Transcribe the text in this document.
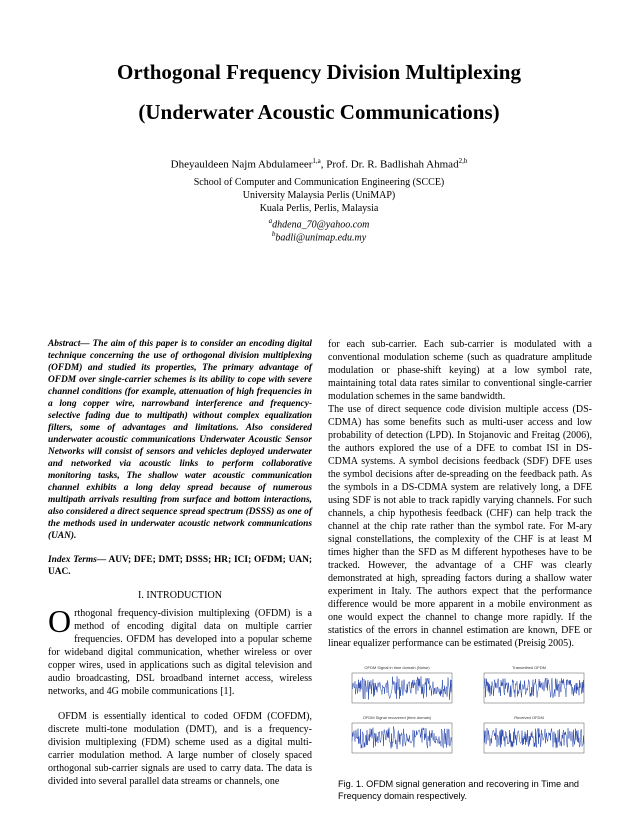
Orthogonal Frequency Division Multiplexing
(Underwater Acoustic Communications)
Dheyauldeen Najm Abdulameer$^{1,a}$, Prof. Dr. R. Badlishah Ahmad$^{2,b}$
School of Computer and Communication Engineering (SCCE)
University Malaysia Perlis (UniMAP)
Kuala Perlis, Perlis, Malaysia
$^a$dhdena_70@yahoo.com
$^b$badli@unimap.edu.my

Abstract— The aim of this paper is to consider an encoding digital technique concerning the use of orthogonal division multiplexing (OFDM) and studied its properties, The primary advantage of OFDM over single-carrier schemes is its ability to cope with severe channel conditions (for example, attenuation of high frequencies in a long copper wire, narrowband interference and frequency-selective fading due to multipath) without complex equalization filters, some of advantages and limitations. Also considered underwater acoustic communications Underwater Acoustic Sensor Networks will consist of sensors and vehicles deployed underwater and networked via acoustic links to perform collaborative monitoring tasks, The shallow water acoustic communication channel exhibits a long delay spread because of numerous multipath arrivals resulting from surface and bottom interactions, also considered a direct sequence spread spectrum (DSSS) as one of the methods used in underwater acoustic network communications (UAN).

Index Terms— AUV; DFE; DMT; DSSS; HR; ICI; OFDM; UAN; UAC.

I. INTRODUCTION

Orthogonal frequency-division multiplexing (OFDM) is a method of encoding digital data on multiple carrier frequencies. OFDM has developed into a popular scheme for wideband digital communication, whether wireless or over copper wires, used in applications such as digital television and audio broadcasting, DSL broadband internet access, wireless networks, and 4G mobile communications [1].

OFDM is essentially identical to coded OFDM (COFDM), discrete multi-tone modulation (DMT), and is a frequency-division multiplexing (FDM) scheme used as a digital multi-carrier modulation method. A large number of closely spaced orthogonal sub-carrier signals are used to carry data. The data is divided into several parallel data streams or channels, one

for each sub-carrier. Each sub-carrier is modulated with a conventional modulation scheme (such as quadrature amplitude modulation or phase-shift keying) at a low symbol rate, maintaining total data rates similar to conventional single-carrier modulation schemes in the same bandwidth.

The use of direct sequence code division multiple access (DS-CDMA) has some benefits such as multi-user access and low probability of detection (LPD). In Stojanovic and Freitag (2006), the authors explored the use of a DFE to combat ISI in DS-CDMA systems. A symbol decisions feedback (SDF) DFE uses the symbol decisions after de-spreading on the feedback path. As the symbols in a DS-CDMA system are relatively long, a DFE using SDF is not able to track rapidly varying channels. For such channels, a chip hypothesis feedback (CHF) can help track the channel at the chip rate rather than the symbol rate. For M-ary signal constellations, the complexity of the CHF is at least M times higher than the SFD as M different hypotheses have to be tracked. However, the advantage of a CHF was clearly demonstrated at high, spreading factors during a shallow water experiment in Italy. The authors expect that the performance difference would be more apparent in a mobile environment as one would expect the channel to change more rapidly. If the statistics of the errors in channel estimation are known, DFE or linear equalizer performance can be estimated (Preisig 2005).

OFDM Signal in time domain (Noise)	Transmitted OFDM
OFDM Signal recovered (time domain)	Received OFDM
Fig. 1. OFDM signal generation and recovering in Time and Frequency domain respectively.
